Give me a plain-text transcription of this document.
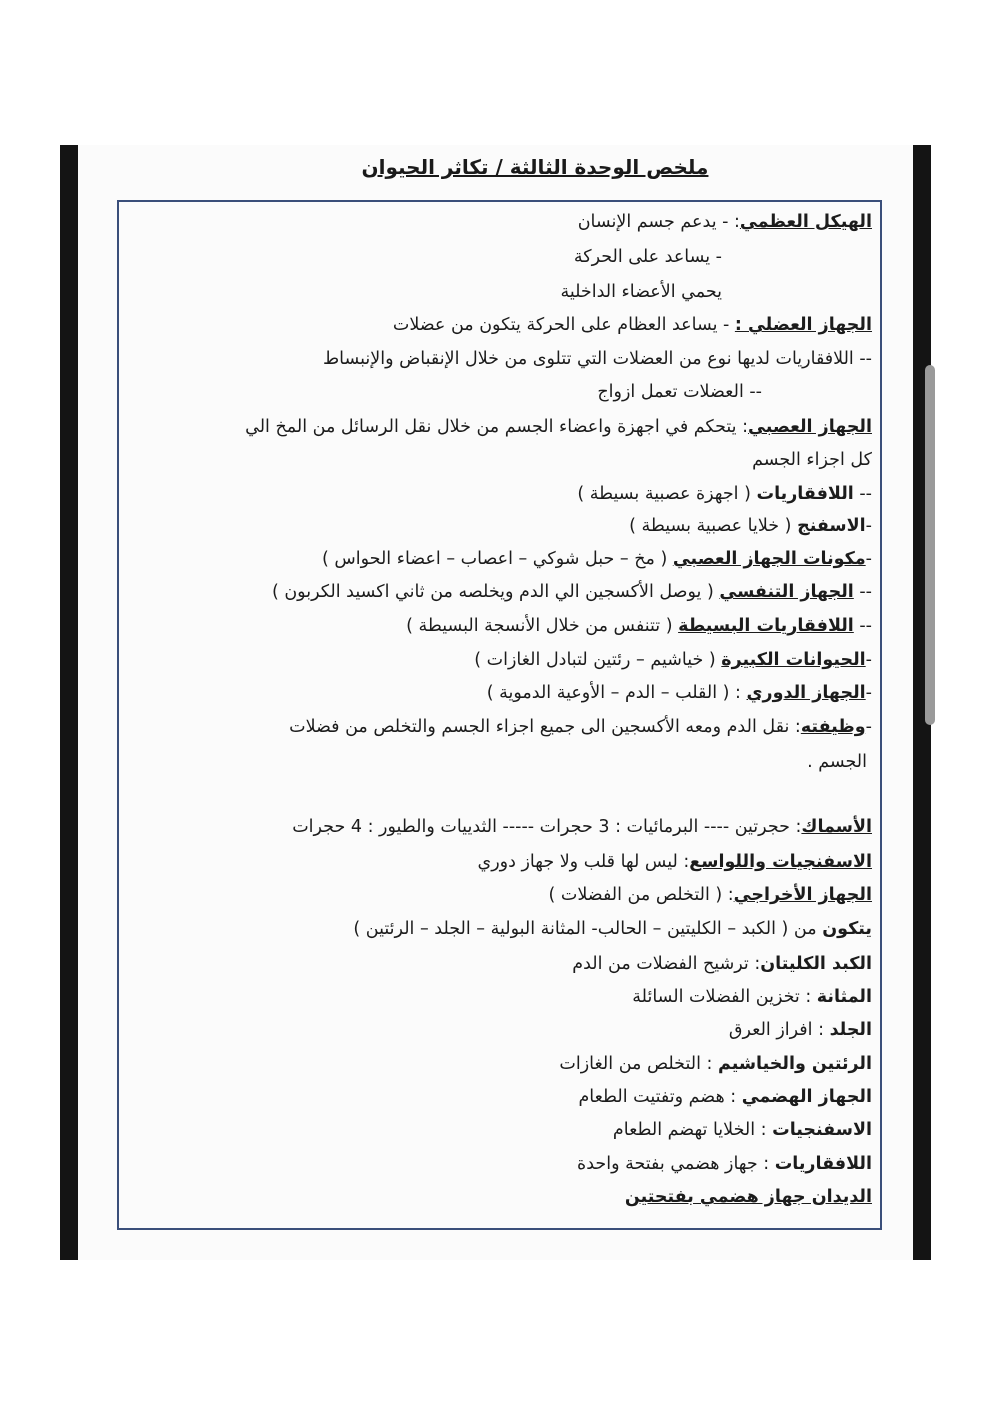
ملخص الوحدة الثالثة / تكاثر الحيوان
الهيكل العظمي: - يدعم جسم الإنسان
- يساعد على الحركة
يحمي الأعضاء الداخلية
الجهاز العضلي : - يساعد العظام على الحركة يتكون من عضلات
-- اللافقاريات لديها نوع من العضلات التي تتلوى من خلال الإنقباض والإنبساط
-- العضلات تعمل ازواج
الجهاز العصبي: يتحكم في اجهزة واعضاء الجسم من خلال نقل الرسائل من المخ الي
كل اجزاء الجسم
-- اللافقاريات ( اجهزة عصبية بسيطة )
-الاسفنج ( خلايا عصبية بسيطة )
-مكونات الجهاز العصبي ( مخ – حبل شوكي – اعصاب – اعضاء الحواس )
-- الجهاز التنفسي ( يوصل الأكسجين الي الدم ويخلصه من ثاني اكسيد الكربون )
-- اللافقاريات البسيطة ( تتنفس من خلال الأنسجة البسيطة )
-الحيوانات الكبيرة ( خياشيم – رئتين لتبادل الغازات )
-الجهاز الدوري : ( القلب – الدم – الأوعية الدموية )
-وظيفته: نقل الدم ومعه الأكسجين الى جميع اجزاء الجسم والتخلص من فضلات
الجسم .
الأسماك: حجرتين ---- البرمائيات : 3 حجرات ----- الثدييات والطيور : 4 حجرات
الاسفنجيات واللواسع: ليس لها قلب ولا جهاز دوري
الجهاز الأخراجي: ( التخلص من الفضلات )
يتكون من ( الكبد – الكليتين – الحالب- المثانة البولية – الجلد – الرئتين )
الكبد الكليتان: ترشيح الفضلات من الدم
المثانة : تخزين الفضلات السائلة
الجلد : افراز العرق
الرئتين والخياشيم : التخلص من الغازات
الجهاز الهضمي : هضم وتفتيت الطعام
الاسفنجيات : الخلايا تهضم الطعام
اللافقاريات : جهاز هضمي بفتحة واحدة
الديدان جهاز هضمي بفتحتين
